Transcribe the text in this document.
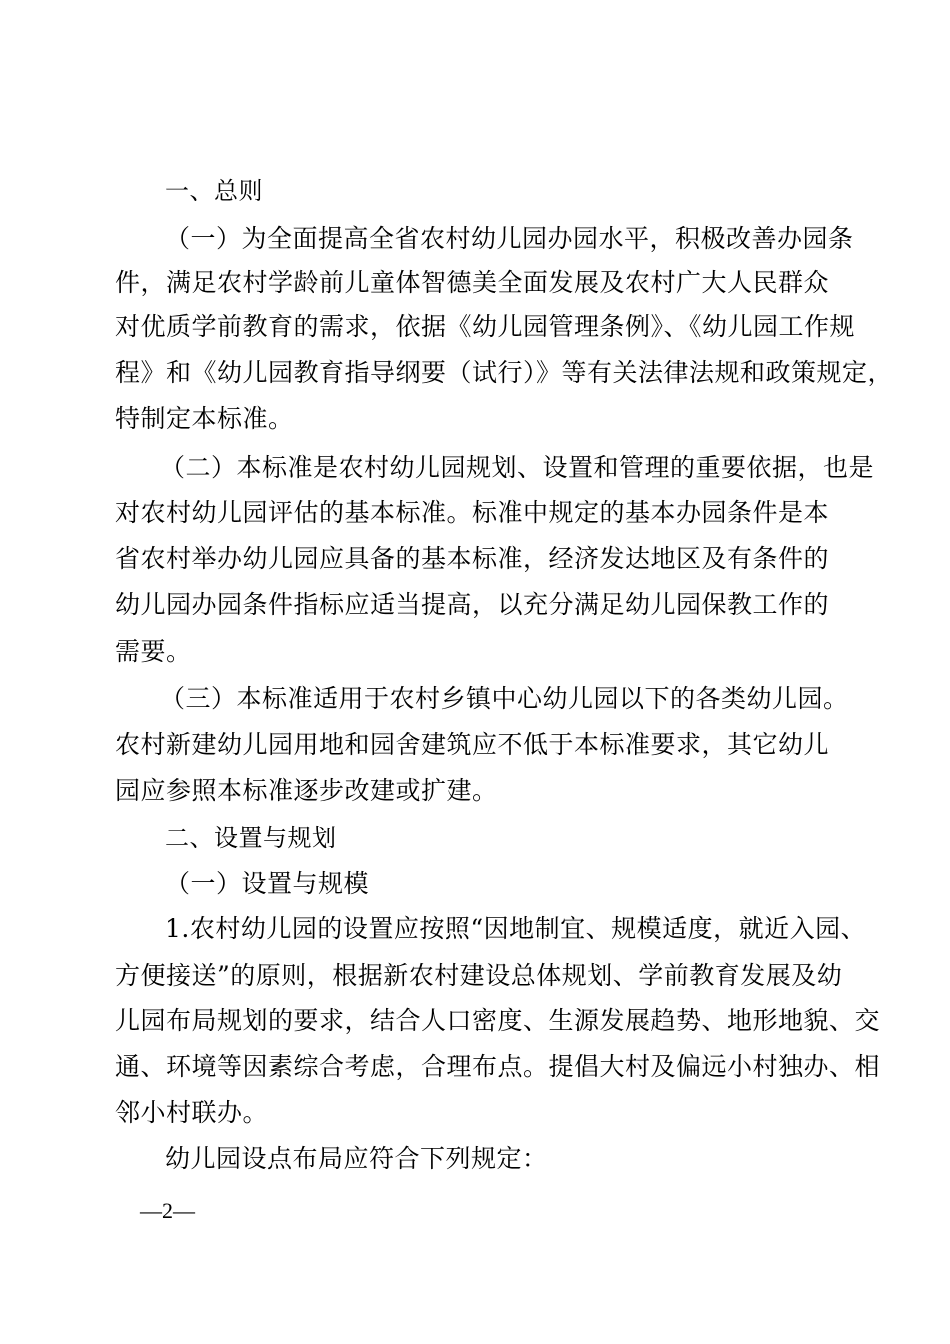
一、总则
（一）为全面提高全省农村幼儿园办园水平，积极改善办园条
件，满足农村学龄前儿童体智德美全面发展及农村广大人民群众
对优质学前教育的需求，依据《幼儿园管理条例》、《幼儿园工作规
程》和《幼儿园教育指导纲要（试行）》等有关法律法规和政策规定，
特制定本标准。
（二）本标准是农村幼儿园规划、设置和管理的重要依据，也是
对农村幼儿园评估的基本标准。标准中规定的基本办园条件是本
省农村举办幼儿园应具备的基本标准，经济发达地区及有条件的
幼儿园办园条件指标应适当提高，以充分满足幼儿园保教工作的
需要。
（三）本标准适用于农村乡镇中心幼儿园以下的各类幼儿园。
农村新建幼儿园用地和园舍建筑应不低于本标准要求，其它幼儿
园应参照本标准逐步改建或扩建。
二、设置与规划
（一）设置与规模
1.农村幼儿园的设置应按照“因地制宜、规模适度，就近入园、
方便接送”的原则，根据新农村建设总体规划、学前教育发展及幼
儿园布局规划的要求，结合人口密度、生源发展趋势、地形地貌、交
通、环境等因素综合考虑，合理布点。提倡大村及偏远小村独办、相
邻小村联办。
幼儿园设点布局应符合下列规定：
—2—
